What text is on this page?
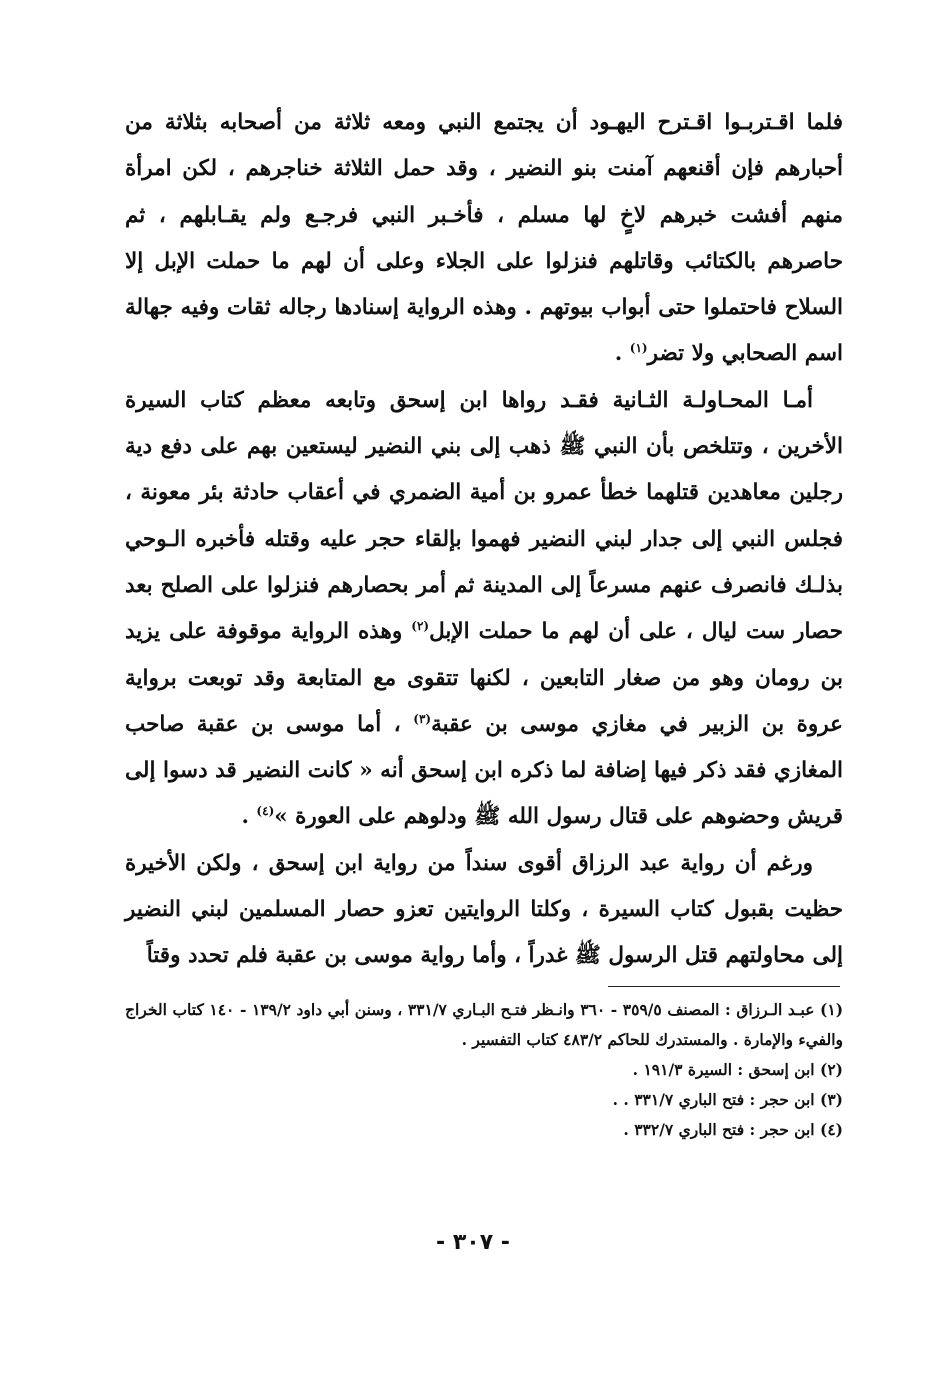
فلما اقـتربـوا اقـترح اليهـود أن يجتمع النبي ومعه ثلاثة من أصحابه بثلاثة من أحبارهم فإن أقنعهم آمنت بنو النضير ، وقد حمل الثلاثة خناجرهم ، لكن امرأة منهم أفشت خبرهم لاخٍ لها مسلم ، فأخـبر النبي فرجـع ولم يقـابلهم ، ثم حاصرهم بالكتائب وقاتلهم فنزلوا على الجلاء وعلى أن لهم ما حملت الإبل إلا السلاح فاحتملوا حتى أبواب بيوتهم . وهذه الرواية إسنادها رجاله ثقات وفيه جهالة اسم الصحابي ولا تضر$^{(١)}$ .

أمـا المحـاولـة الثـانية فقـد رواها ابن إسحق وتابعه معظم كتاب السيرة الأخرين ، وتتلخص بأن النبي ﷺ ذهب إلى بني النضير ليستعين بهم على دفع دية رجلين معاهدين قتلهما خطأ عمرو بن أمية الضمري في أعقاب حادثة بئر معونة ، فجلس النبي إلى جدار لبني النضير فهموا بإلقاء حجر عليه وقتله فأخبره الـوحي بذلـك فانصرف عنهم مسرعاً إلى المدينة ثم أمر بحصارهم فنزلوا على الصلح بعد حصار ست ليال ، على أن لهم ما حملت الإبل$^{(٢)}$ وهذه الرواية موقوفة على يزيد بن رومان وهو من صغار التابعين ، لكنها تتقوى مع المتابعة وقد توبعت برواية عروة بن الزبير في مغازي موسى بن عقبة$^{(٣)}$ ، أما موسى بن عقبة صاحب المغازي فقد ذكر فيها إضافة لما ذكره ابن إسحق أنه « كانت النضير قد دسوا إلى قريش وحضوهم على قتال رسول الله ﷺ ودلوهم على العورة »$^{(٤)}$ .

ورغم أن رواية عبد الرزاق أقوى سنداً من رواية ابن إسحق ، ولكن الأخيرة حظيت بقبول كتاب السيرة ، وكلتا الروايتين تعزو حصار المسلمين لبني النضير إلى محاولتهم قتل الرسول ﷺ غدراً ، وأما رواية موسى بن عقبة فلم تحدد وقتاً

(١) عبـد الـرزاق : المصنف ٣٥٩/٥ - ٣٦٠ وانـظر فتـح البـاري ٣٣١/٧ ، وسنن أبي داود ١٣٩/٢ - ١٤٠ كتاب الخراج والفيء والإمارة . والمستدرك للحاكم ٤٨٣/٢ كتاب التفسير .

(٢) ابن إسحق : السيرة ١٩١/٣ .

(٣) ابن حجر : فتح الباري ٣٣١/٧ . .

(٤) ابن حجر : فتح الباري ٣٣٢/٧ .

- ٣٠٧ -
